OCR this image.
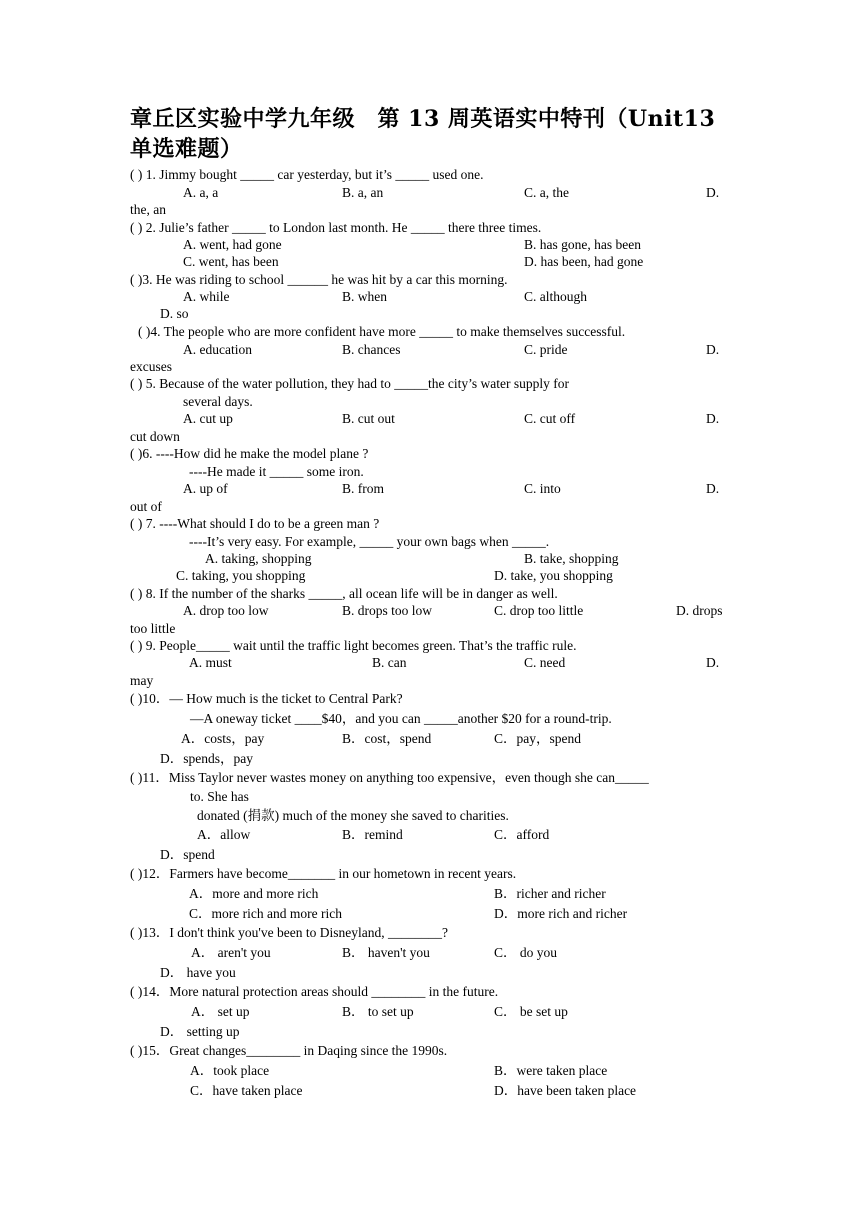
章丘区实验中学九年级　第 13 周英语实中特刊（Unit13 单选难题）
( ) 1. Jimmy bought _____ car yesterday, but it’s _____ used one.
A. a, a	B. a, an	C. a, the	D.
the, an
( ) 2. Julie’s father _____ to London last month. He _____ there three times.
A. went, had gone	B. has gone, has been
C. went, has been	D. has been, had gone
( )3. He was riding to school ______ he was hit by a car this morning.
A. while	B. when	C. although
D. so
( )4. The people who are more confident have more _____ to make themselves successful.
A. education	B. chances	C. pride	D.
excuses
( ) 5. Because of the water pollution, they had to _____the city’s water supply for
several days.
A. cut up	B. cut out	C. cut off	D.
cut down
( )6. ----How did he make the model plane ?
----He made it _____ some iron.
A. up of	B. from	C. into	D.
out of
( ) 7. ----What should I do to be a green man ?
----It’s very easy. For example, _____ your own bags when _____.
A. taking, shopping	B. take, shopping
C. taking, you shopping	D. take, you shopping
( ) 8. If the number of the sharks _____, all ocean life will be in danger as well.
A. drop too low	B. drops too low	C. drop too little	D. drops
too little
( ) 9. People_____ wait until the traffic light becomes green. That’s the traffic rule.
A. must	B. can	C. need	D.
may
( )10．— How much is the ticket to Central Park?
—A oneway ticket ____$40，and you can _____another $20 for a round-trip.
A．costs，pay	B．cost，spend	C．pay，spend
D．spends，pay
( )11．Miss Taylor never wastes money on anything too expensive，even though she can_____
to. She has
donated (捐款) much of the money she saved to charities.
A．allow	B．remind	C．afford
D．spend
( )12．Farmers have become_______ in our hometown in recent years.
A．more and more rich	B．richer and richer
C．more rich and more rich	D．more rich and richer
( )13．I don't think you've been to Disneyland, ________?
A． aren't you	B． haven't you	C． do you
D． have you
( )14．More natural protection areas should ________ in the future.
A． set up	B． to set up	C． be set up
D． setting up
( )15．Great changes________ in Daqing since the 1990s.
A．took place	B．were taken place
C．have taken place	D．have been taken place
